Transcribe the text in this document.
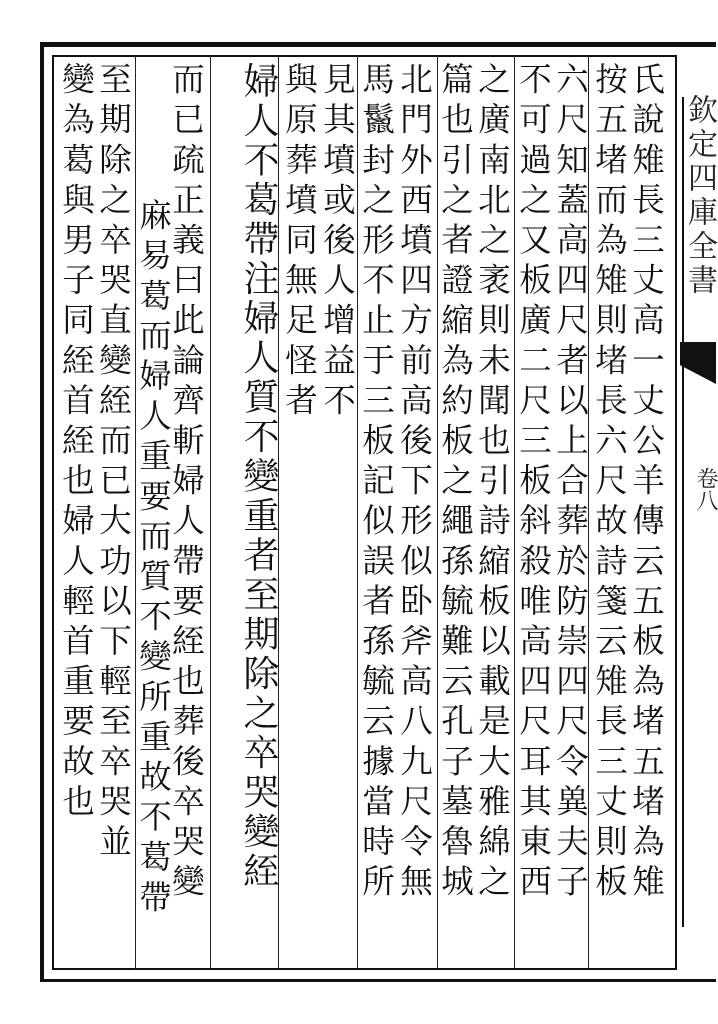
氏說雉長三丈高一丈公羊傳云五板為堵五堵為雉
按五堵而為雉則堵長六尺故詩箋云雉長三丈則板
六尺知蓋高四尺者以上合葬於防崇四尺令兾夫子
不可過之又板廣二尺三板斜殺唯高四尺耳其東西
之廣南北之袤則未聞也引詩縮板以載是大雅綿之
篇也引之者證縮為約板之繩孫毓難云孔子墓魯城
北門外西墳四方前高後下形似卧斧高八九尺令無
馬鬣封之形不止于三板記似誤者孫毓云據當時所
見其墳或後人增益不
與原葬墳同無足怪者
婦人不葛帶注婦人質不變重者至期除之卒哭變絰
而已疏正義曰此論齊斬婦人帶要絰也葬後卒哭變
麻易葛而婦人重要而質不變所重故不葛帶
至期除之卒哭直變絰而已大功以下輕至卒哭並
變為葛與男子同絰首絰也婦人輕首重要故也	欽定四庫全書
卷八
